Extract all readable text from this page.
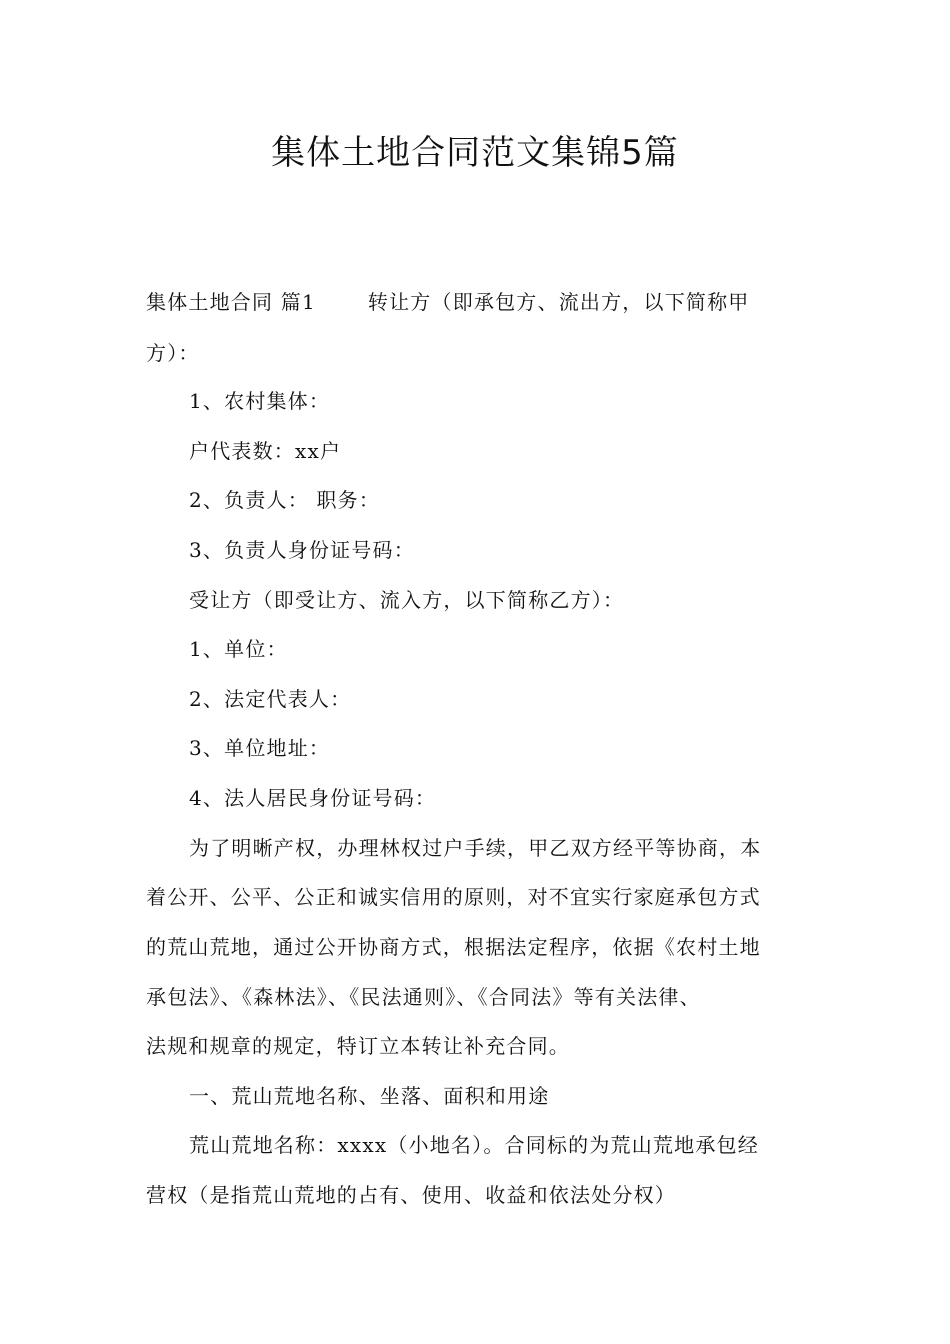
集体土地合同范文集锦5篇
集体土地合同 篇1	转让方（即承包方、流出方，以下简称甲
方）：
1、农村集体：
户代表数：xx户
2、负责人： 职务：
3、负责人身份证号码：
受让方（即受让方、流入方，以下简称乙方）：
1、单位：
2、法定代表人：
3、单位地址：
4、法人居民身份证号码：
为了明晰产权，办理林权过户手续，甲乙双方经平等协商，本
着公开、公平、公正和诚实信用的原则，对不宜实行家庭承包方式
的荒山荒地，通过公开协商方式，根据法定程序，依据《农村土地
承包法》、《森林法》、《民法通则》、《合同法》等有关法律、
法规和规章的规定，特订立本转让补充合同。
一、荒山荒地名称、坐落、面积和用途
荒山荒地名称：xxxx（小地名）。合同标的为荒山荒地承包经
营权（是指荒山荒地的占有、使用、收益和依法处分权）
